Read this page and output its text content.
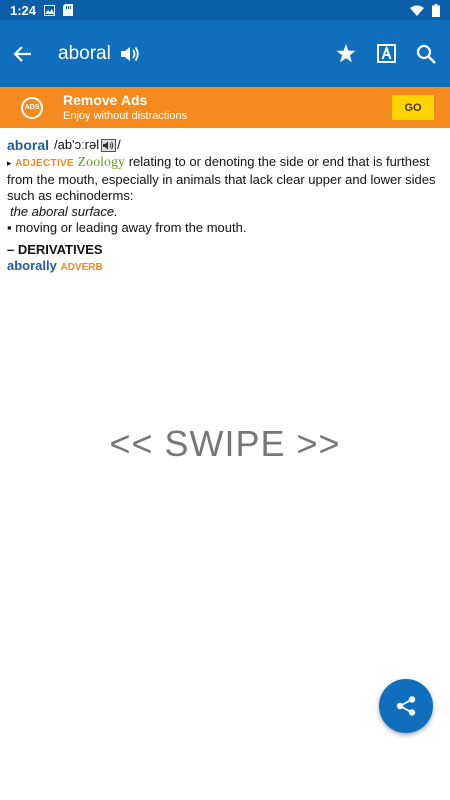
1:24
aboral
ADS Remove Ads
Enjoy without distractions
GO
aboral /ab'ɔːrəl /
▸ ADJECTIVE Zoology relating to or denoting the side or end that is furthest from the mouth, especially in animals that lack clear upper and lower sides such as echinoderms:
the aboral surface.
▪ moving or leading away from the mouth.
– DERIVATIVES
aborally ADVERB
<< SWIPE >>
